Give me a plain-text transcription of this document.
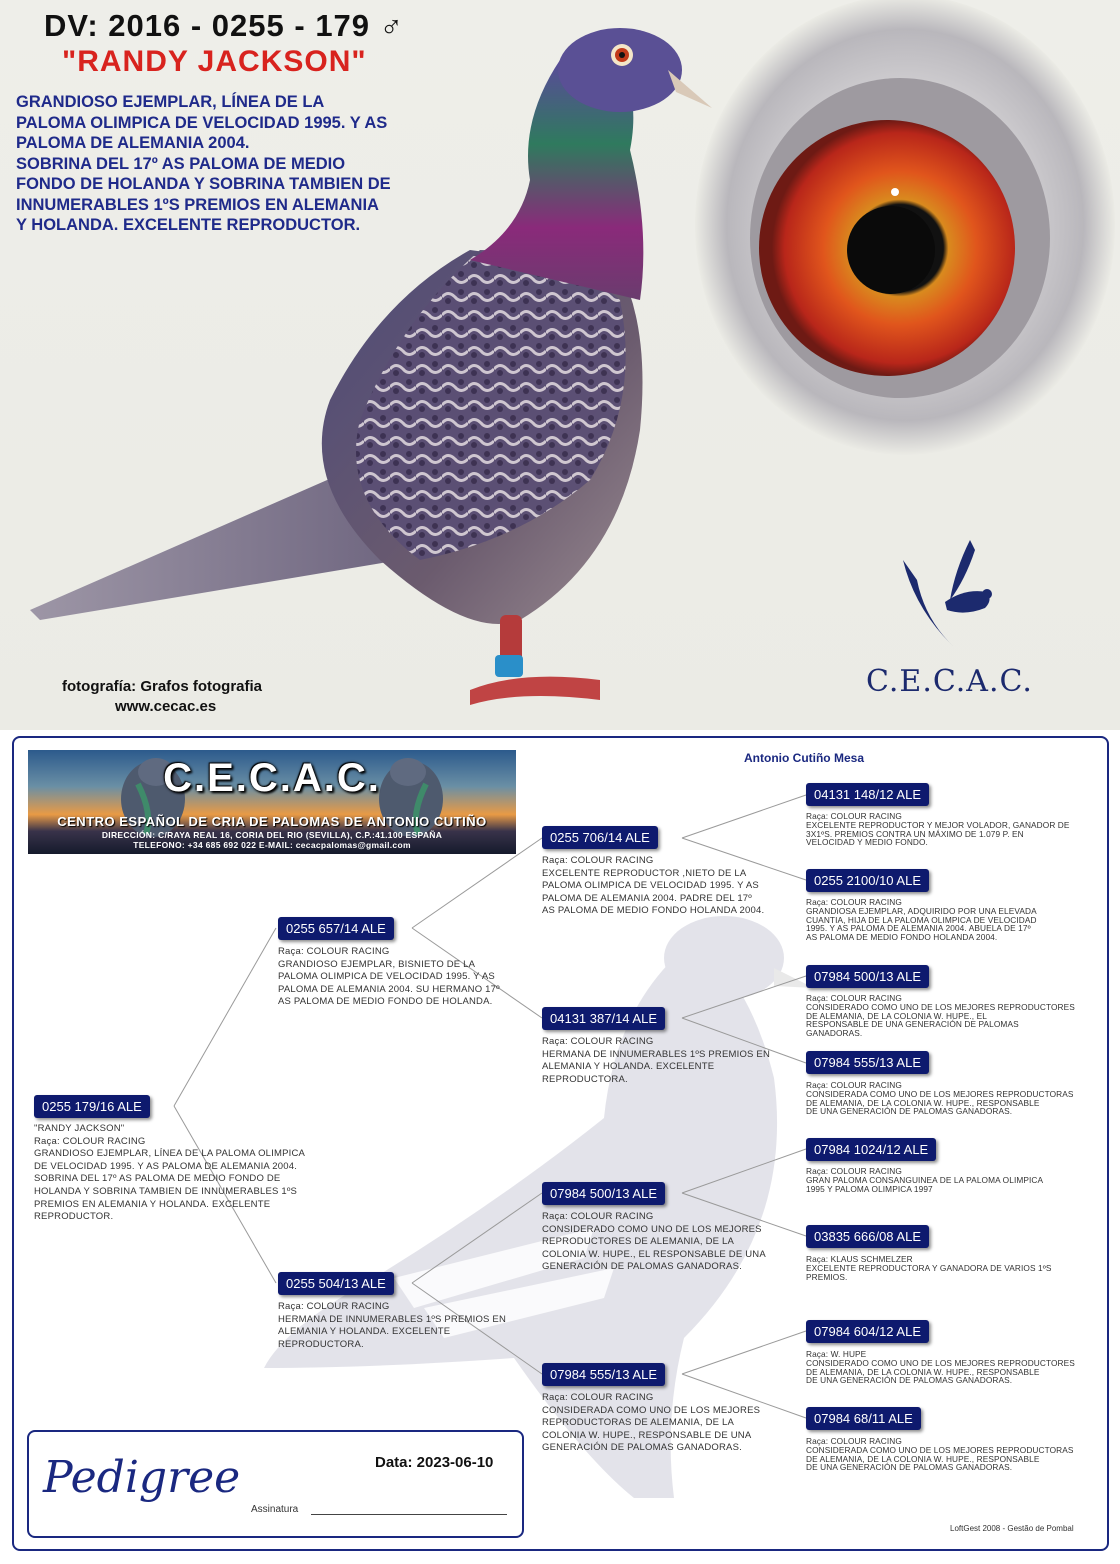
DV: 2016 - 0255 - 179 ♂
"RANDY JACKSON"
GRANDIOSO EJEMPLAR, LÍNEA DE LA
PALOMA OLIMPICA DE VELOCIDAD 1995. Y AS
PALOMA DE ALEMANIA 2004.
SOBRINA DEL 17º AS PALOMA DE MEDIO
FONDO DE HOLANDA Y SOBRINA TAMBIEN DE
INNUMERABLES 1ºS PREMIOS EN ALEMANIA
Y HOLANDA. EXCELENTE REPRODUCTOR.
C.E.C.A.C.
fotografía: Grafos fotografia
www.cecac.es
C.E.C.A.C.
CENTRO ESPAÑOL DE CRIA DE PALOMAS DE ANTONIO CUTIÑO
DIRECCIÓN: C/RAYA REAL 16, CORIA DEL RIO (SEVILLA), C.P.:41.100 ESPAÑA
TELEFONO: +34 685 692 022 E-MAIL: cecacpalomas@gmail.com
Antonio Cutiño Mesa
0255 179/16 ALE
"RANDY JACKSON"
Raça: COLOUR RACING
GRANDIOSO EJEMPLAR, LÍNEA DE LA PALOMA OLIMPICA
DE VELOCIDAD 1995. Y AS PALOMA DE ALEMANIA 2004.
SOBRINA DEL 17º AS PALOMA DE MEDIO FONDO DE
HOLANDA Y SOBRINA TAMBIEN DE INNUMERABLES 1ºS
PREMIOS EN ALEMANIA Y HOLANDA. EXCELENTE
REPRODUCTOR.
0255 657/14 ALE
Raça: COLOUR RACING
GRANDIOSO EJEMPLAR, BISNIETO DE LA
PALOMA OLIMPICA DE VELOCIDAD 1995. Y AS
PALOMA DE ALEMANIA 2004. SU HERMANO 17º
AS PALOMA DE MEDIO FONDO DE HOLANDA.
0255 504/13 ALE
Raça: COLOUR RACING
HERMANA DE INNUMERABLES 1ºS PREMIOS EN
ALEMANIA Y HOLANDA. EXCELENTE
REPRODUCTORA.
0255 706/14 ALE
Raça: COLOUR RACING
EXCELENTE REPRODUCTOR ,NIETO DE LA
PALOMA OLIMPICA DE VELOCIDAD 1995. Y AS
PALOMA DE ALEMANIA 2004. PADRE DEL 17º
AS PALOMA DE MEDIO FONDO HOLANDA 2004.
04131 387/14 ALE
Raça: COLOUR RACING
HERMANA DE INNUMERABLES 1ºS PREMIOS EN
ALEMANIA Y HOLANDA. EXCELENTE
REPRODUCTORA.
07984 500/13 ALE
Raça: COLOUR RACING
CONSIDERADO COMO UNO DE LOS MEJORES
REPRODUCTORES DE ALEMANIA, DE LA
COLONIA W. HUPE., EL RESPONSABLE DE UNA
GENERACIÓN DE PALOMAS GANADORAS.
07984 555/13 ALE
Raça: COLOUR RACING
CONSIDERADA COMO UNO DE LOS MEJORES
REPRODUCTORAS DE ALEMANIA, DE LA
COLONIA W. HUPE., RESPONSABLE DE UNA
GENERACIÓN DE PALOMAS GANADORAS.
04131 148/12 ALE
Raça: COLOUR RACING
EXCELENTE REPRODUCTOR Y MEJOR VOLADOR, GANADOR DE
3X1ºS. PREMIOS CONTRA UN MÁXIMO DE 1.079 P. EN
VELOCIDAD Y MEDIO FONDO.
0255 2100/10 ALE
Raça: COLOUR RACING
GRANDIOSA EJEMPLAR, ADQUIRIDO POR UNA ELEVADA
CUANTIA, HIJA DE LA PALOMA OLIMPICA DE VELOCIDAD
1995. Y AS PALOMA DE ALEMANIA 2004. ABUELA DE 17º
AS PALOMA DE MEDIO FONDO HOLANDA 2004.
07984 500/13 ALE
Raça: COLOUR RACING
CONSIDERADO COMO UNO DE LOS MEJORES REPRODUCTORES
DE ALEMANIA, DE LA COLONIA W. HUPE., EL
RESPONSABLE DE UNA GENERACIÓN DE PALOMAS
GANADORAS.
07984 555/13 ALE
Raça: COLOUR RACING
CONSIDERADA COMO UNO DE LOS MEJORES REPRODUCTORAS
DE ALEMANIA, DE LA COLONIA W. HUPE., RESPONSABLE
DE UNA GENERACIÓN DE PALOMAS GANADORAS.
07984 1024/12 ALE
Raça: COLOUR RACING
GRAN PALOMA CONSANGUINEA DE LA PALOMA OLIMPICA
1995 Y PALOMA OLIMPICA 1997
03835 666/08 ALE
Raça: KLAUS SCHMELZER
EXCELENTE REPRODUCTORA Y GANADORA DE VARIOS 1ºS
PREMIOS.
07984 604/12 ALE
Raça: W. HUPE
CONSIDERADO COMO UNO DE LOS MEJORES REPRODUCTORES
DE ALEMANIA, DE LA COLONIA W. HUPE., RESPONSABLE
DE UNA GENERACIÓN DE PALOMAS GANADORAS.
07984 68/11 ALE
Raça: COLOUR RACING
CONSIDERADA COMO UNO DE LOS MEJORES REPRODUCTORAS
DE ALEMANIA, DE LA COLONIA W. HUPE., RESPONSABLE
DE UNA GENERACIÓN DE PALOMAS GANADORAS.
Pedigree	Data: 2023-06-10
Assinatura
LoftGest 2008 - Gestão de Pombal
